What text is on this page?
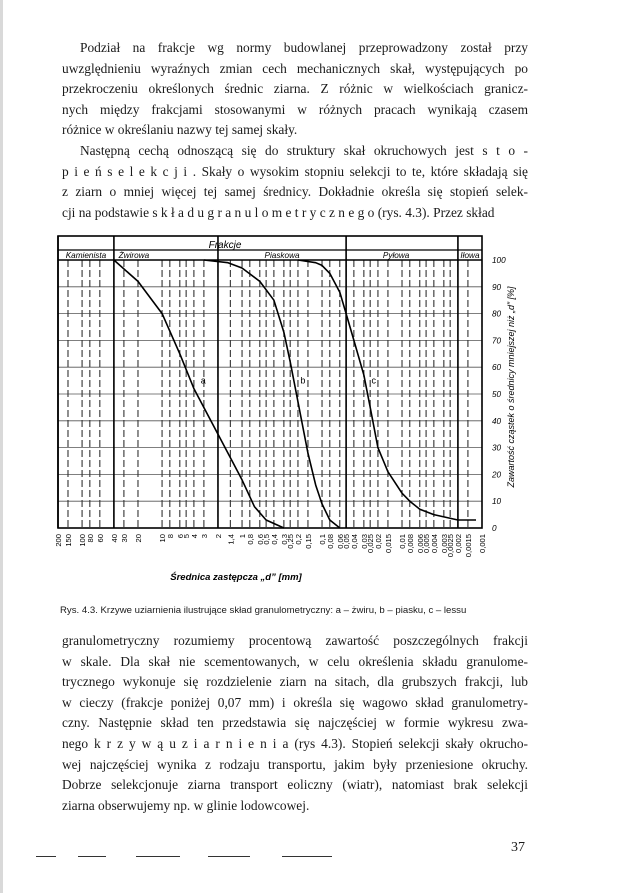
Podział na frakcje wg normy budowlanej przeprowadzony został przy
uwzględnieniu wyraźnych zmian cech mechanicznych skał, występujących po
przekroczeniu określonych średnic ziarna. Z różnic w wielkościach granicz-
nych między frakcjami stosowanymi w różnych pracach wynikają czasem
różnice w określaniu nazwy tej samej skały.
Następną cechą odnoszącą się do struktury skał okruchowych jest s t o -
p i e ń s e l e k c j i . Skały o wysokim stopniu selekcji to te, które składają się
z ziarn o mniej więcej tej samej średnicy. Dokładnie określa się stopień selek-
cji na podstawie s k ł a d u g r a n u l o m e t r y c z n e g o (rys. 4.3). Przez skład
granulometryczny rozumiemy procentową zawartość poszczególnych frakcji
w skale. Dla skał nie scementowanych, w celu określenia składu granulome-
trycznego wykonuje się rozdzielenie ziarn na sitach, dla grubszych frakcji, lub
w cieczy (frakcje poniżej 0,07 mm) i określa się wagowo skład granulometry-
czny. Następnie skład ten przedstawia się najczęściej w formie wykresu zwa-
nego k r z y w ą u z i a r n i e n i a (rys 4.3). Stopień selekcji skały okrucho-
wej najczęściej wynika z rodzaju transportu, jakim były przeniesione okruchy.
Dobrze selekcjonuje ziarna transport eoliczny (wiatr), natomiast brak selekcji
ziarna obserwujemy np. w glinie lodowcowej.
Frakcje
Kamienista Żwirowa	Piaskowa	Pyłowa	Iłowa
a	b	c
0
10
20
30
40
50
60
70
80
90
100
200 150 100
80 60 40 30 20 10
8 6
5
4 3 2 1,4 1
0,8 0,6
0,5
0,4 0,3
0,25
0,2 0,15 0,1
0,08 0,06
0,05
0,04 0,03
0,025
0,02 0,015 0,01
0,008 0,006
0,005
0,004 0,003
0,0025
0,002 0,0015 0,001
Zawartość cząstek o średnicy mniejszej niż „d” [%]
Średnica zastępcza „d” [mm]
Rys. 4.3. Krzywe uziarnienia ilustrujące skład granulometryczny: a – żwiru, b – piasku, c – lessu
37
